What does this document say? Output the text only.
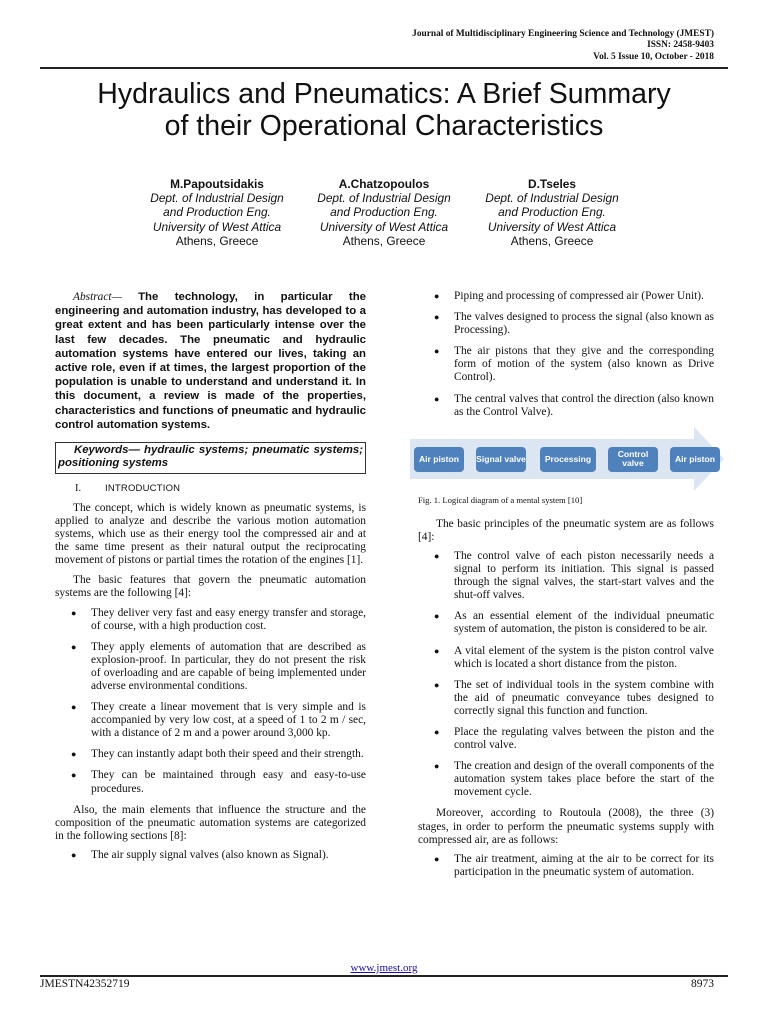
Journal of Multidisciplinary Engineering Science and Technology (JMEST)
ISSN: 2458-9403
Vol. 5 Issue 10, October - 2018
Hydraulics and Pneumatics: A Brief Summary
of their Operational Characteristics
M.Papoutsidakis
Dept. of Industrial Design
and Production Eng.
University of West Attica
Athens, Greece
A.Chatzopoulos
Dept. of Industrial Design
and Production Eng.
University of West Attica
Athens, Greece
D.Tseles
Dept. of Industrial Design
and Production Eng.
University of West Attica
Athens, Greece
Abstract— The technology, in particular the engineering and automation industry, has developed to a great extent and has been particularly intense over the last few decades. The pneumatic and hydraulic automation systems have entered our lives, taking an active role, even if at times, the largest proportion of the population is unable to understand and understand it. In this document, a review is made of the properties, characteristics and functions of pneumatic and hydraulic control automation systems.
Keywords— hydraulic systems; pneumatic systems; positioning systems
I.	INTRODUCTION

The concept, which is widely known as pneumatic systems, is applied to analyze and describe the various motion automation systems, which use as their energy tool the compressed air and at the same time present as their natural output the reciprocating movement of pistons or partial times the rotation of the engines [1].

The basic features that govern the pneumatic automation systems are the following [4]:

● They deliver very fast and easy energy transfer and storage, of course, with a high production cost.
● They apply elements of automation that are described as explosion-proof. In particular, they do not present the risk of overloading and are capable of being implemented under adverse environmental conditions.
● They create a linear movement that is very simple and is accompanied by very low cost, at a speed of 1 to 2 m / sec, with a distance of 2 m and a power around 3,000 kp.
● They can instantly adapt both their speed and their strength.
● They can be maintained through easy and easy-to-use procedures.

Also, the main elements that influence the structure and the composition of the pneumatic automation systems are categorized in the following sections [8]:

● The air supply signal valves (also known as Signal).
● Piping and processing of compressed air (Power Unit).
● The valves designed to process the signal (also known as Processing).
● The air pistons that they give and the corresponding form of motion of the system (also known as Drive Control).
● The central valves that control the direction (also known as the Control Valve).
Air piston	Signal valve	Processing	Control valve	Air piston
Fig. 1. Logical diagram of a mental system [10]

The basic principles of the pneumatic system are as follows [4]:

● The control valve of each piston necessarily needs a signal to perform its initiation. This signal is passed through the signal valves, the start-start valves and the shut-off valves.
● As an essential element of the individual pneumatic system of automation, the piston is considered to be air.
● A vital element of the system is the piston control valve which is located a short distance from the piston.
● The set of individual tools in the system combine with the aid of pneumatic conveyance tubes designed to correctly signal this function and function.
● Place the regulating valves between the piston and the control valve.
● The creation and design of the overall components of the automation system takes place before the start of the movement cycle.

Moreover, according to Routoula (2008), the three (3) stages, in order to perform the pneumatic systems supply with compressed air, are as follows:

● The air treatment, aiming at the air to be correct for its participation in the pneumatic system of automation.
www.jmest.org
JMESTN42352719	8973
